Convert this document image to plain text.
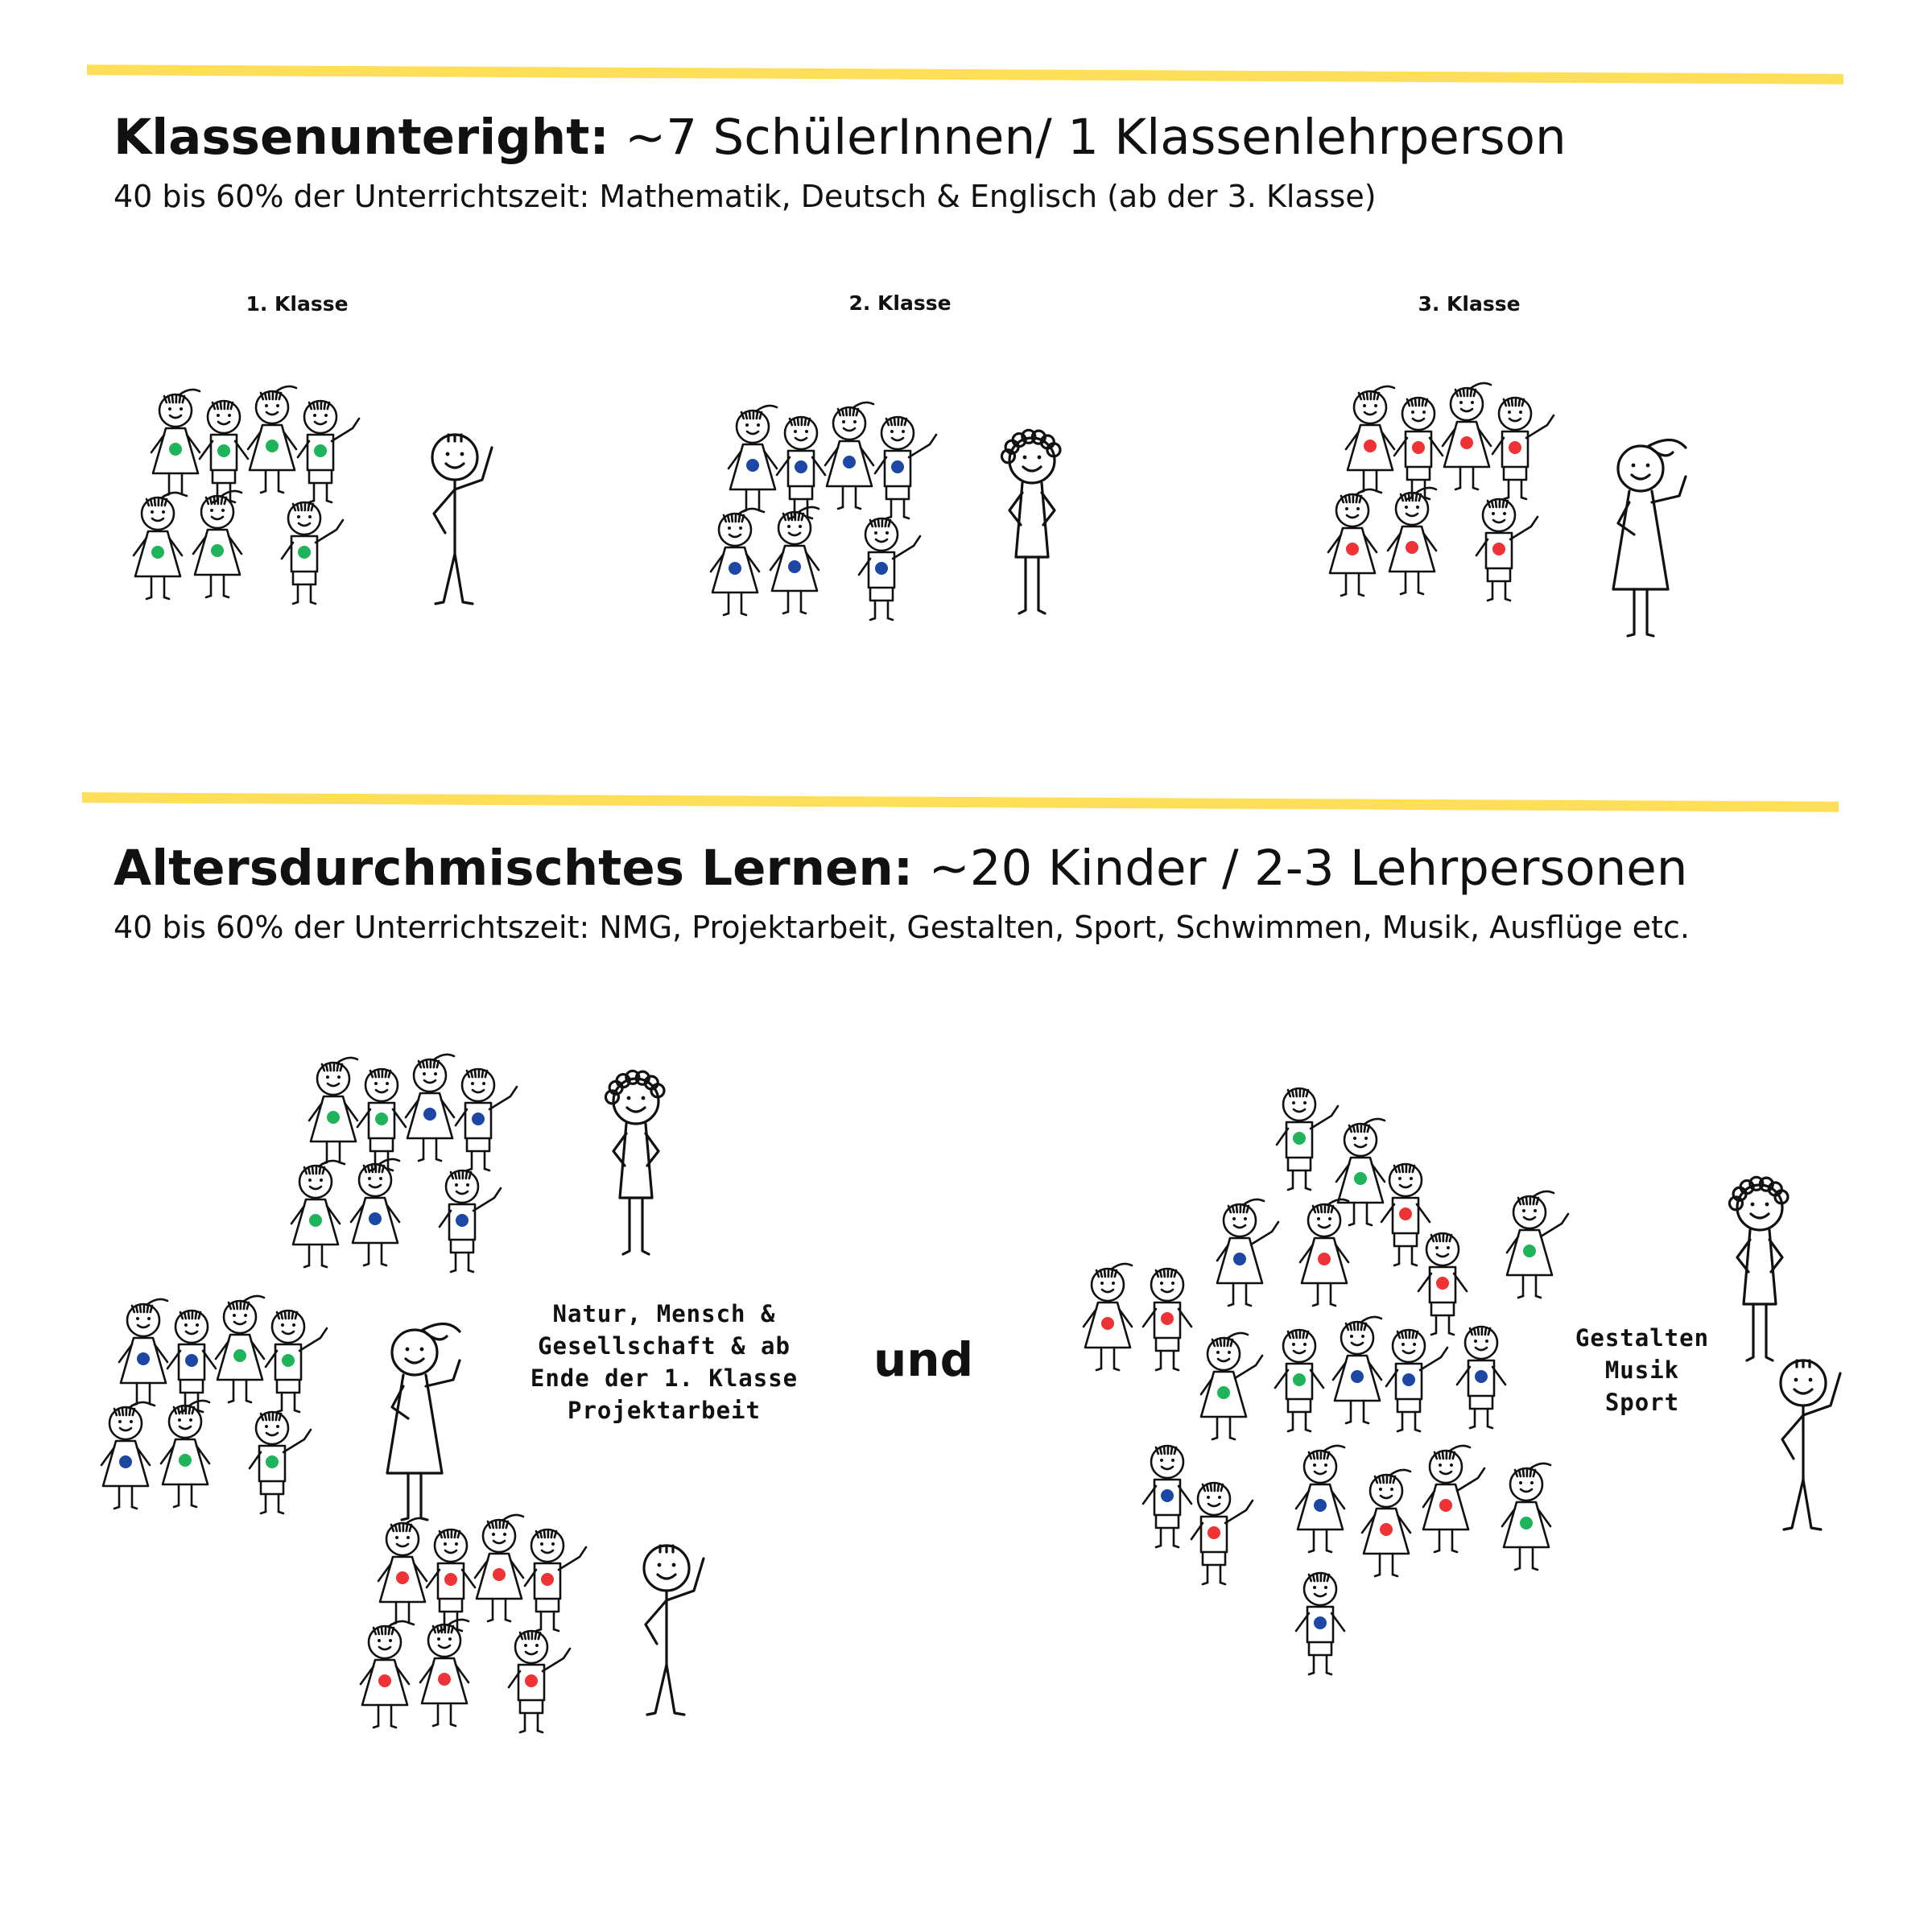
Klassenunteright: ~7 SchülerInnen/ 1 Klassenlehrperson

40 bis 60% der Unterrichtszeit: Mathematik, Deutsch & Englisch (ab der 3. Klasse)

1. Klasse	2. Klasse	3. Klasse
Altersdurchmischtes Lernen: ~20 Kinder / 2-3 Lehrpersonen

40 bis 60% der Unterrichtszeit: NMG, Projektarbeit, Gestalten, Sport, Schwimmen, Musik, Ausflüge etc.

Natur, Mensch &
Gesellschaft & ab
Ende der 1. Klasse
Projektarbeit
und	Gestalten
Musik
Sport
